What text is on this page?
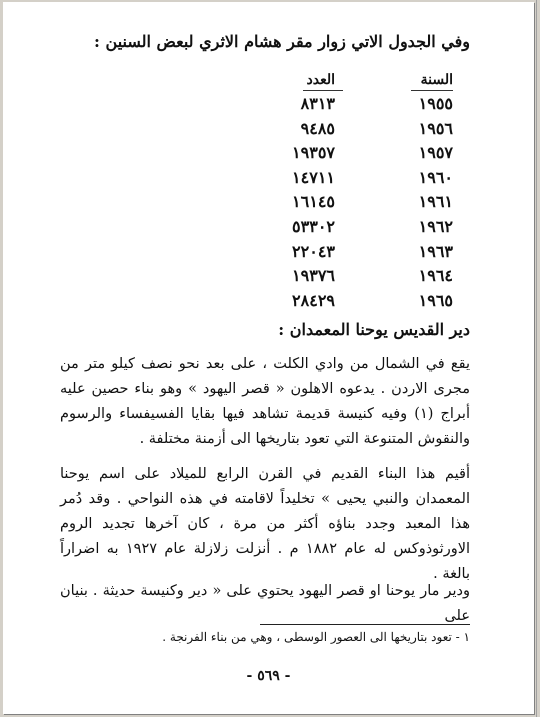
وفي الجدول الاتي زوار مقر هشام الاثري لبعض السنين :
السنة
العدد
١٩٥٥
٨٣١٣
١٩٥٦
٩٤٨٥
١٩٥٧
١٩٣٥٧
١٩٦٠
١٤٧١١
١٩٦١
١٦١٤٥
١٩٦٢
٥٣٣٠٢
١٩٦٣
٢٢٠٤٣
١٩٦٤
١٩٣٧٦
١٩٦٥
٢٨٤٢٩
دير القديس يوحنا المعمدان :
يقع في الشمال من وادي الكلت ، على بعد نحو نصف كيلو متر من مجرى الاردن . يدعوه الاهلون « قصر اليهود » وهو بناء حصين عليه أبراج (١) وفيه كنيسة قديمة تشاهد فيها بقايا الفسيفساء والرسوم والنقوش المتنوعة التي تعود بتاريخها الى أزمنة مختلفة .
أقيم هذا البناء القديم في القرن الرابع للميلاد على اسم يوحنا المعمدان والنبي يحيى » تخليداً لاقامته في هذه النواحي . وقد دُمر هذا المعبد وجدد بناؤه أكثر من مرة ، كان آخرها تجديد الروم الاورثوذوكس له عام ١٨٨٢ م . أنزلت زلازلة عام ١٩٢٧ به اضراراً بالغة .
ودير مار يوحنا او قصر اليهود يحتوي على « دير وكنيسة حديثة . بنيان على
١ - تعود بتاريخها الى العصور الوسطى ، وهي من بناء الفرنجة .
- ٥٦٩ -
